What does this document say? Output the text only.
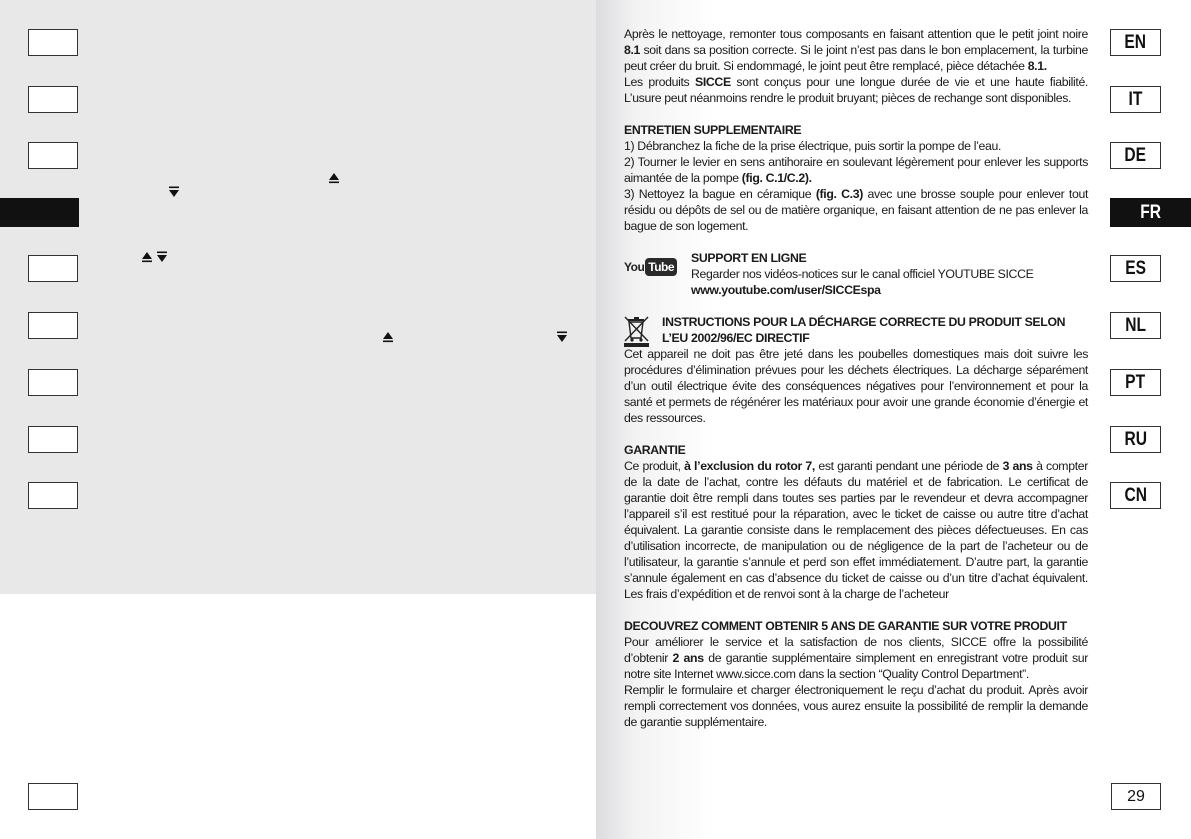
EN
IT
DE
FR
ES
NL
PT
RU
CN
29

Après le nettoyage, remonter tous composants en faisant attention que le petit joint noire 8.1 soit dans sa position correcte. Si le joint n’est pas dans le bon emplacement, la turbine peut créer du bruit. Si endommagé, le joint peut être remplacé, pièce détachée 8.1.

Les produits SICCE sont conçus pour une longue durée de vie et une haute fiabilité. L’usure peut néanmoins rendre le produit bruyant; pièces de rechange sont disponibles.

ENTRETIEN SUPPLEMENTAIRE

1) Débranchez la fiche de la prise électrique, puis sortir la pompe de l’eau.

2) Tourner le levier en sens antihoraire en soulevant légèrement pour enlever les supports aimantée de la pompe (fig. C.1/C.2).

3) Nettoyez la bague en céramique (fig. C.3) avec une brosse souple pour enlever tout résidu ou dépôts de sel ou de matière organique, en faisant attention de ne pas enlever la bague de son logement.

You Tube
SUPPORT EN LIGNE

Regarder nos vidéos-notices sur le canal officiel YOUTUBE SICCE

www.youtube.com/user/SICCEspa

INSTRUCTIONS POUR LA DÉCHARGE CORRECTE DU PRODUIT SELON L’EU 2002/96/EC DIRECTIF

Cet appareil ne doit pas être jeté dans les poubelles domestiques mais doit suivre les procédures d’élimination prévues pour les déchets électriques. La décharge séparément d’un outil électrique évite des conséquences négatives pour l’environnement et pour la santé et permets de régénérer les matériaux pour avoir une grande économie d’énergie et des ressources.

GARANTIE

Ce produit, à l’exclusion du rotor 7, est garanti pendant une période de 3 ans à compter de la date de l’achat, contre les défauts du matériel et de fabrication. Le certificat de garantie doit être rempli dans toutes ses parties par le revendeur et devra accompagner l’appareil s’il est restitué pour la réparation, avec le ticket de caisse ou autre titre d’achat équivalent. La garantie consiste dans le remplacement des pièces défectueuses. En cas d’utilisation incorrecte, de manipulation ou de négligence de la part de l’acheteur ou de l’utilisateur, la garantie s’annule et perd son effet immédiatement. D’autre part, la garantie s’annule également en cas d’absence du ticket de caisse ou d’un titre d’achat équivalent. Les frais d’expédition et de renvoi sont à la charge de l’acheteur

DECOUVREZ COMMENT OBTENIR 5 ANS DE GARANTIE SUR VOTRE PRODUIT

Pour améliorer le service et la satisfaction de nos clients, SICCE offre la possibilité d’obtenir 2 ans de garantie supplémentaire simplement en enregistrant votre produit sur notre site Internet www.sicce.com dans la section “Quality Control Department”.

Remplir le formulaire et charger électroniquement le reçu d’achat du produit. Après avoir rempli correctement vos données, vous aurez ensuite la possibilité de remplir la demande de garantie supplémentaire.
